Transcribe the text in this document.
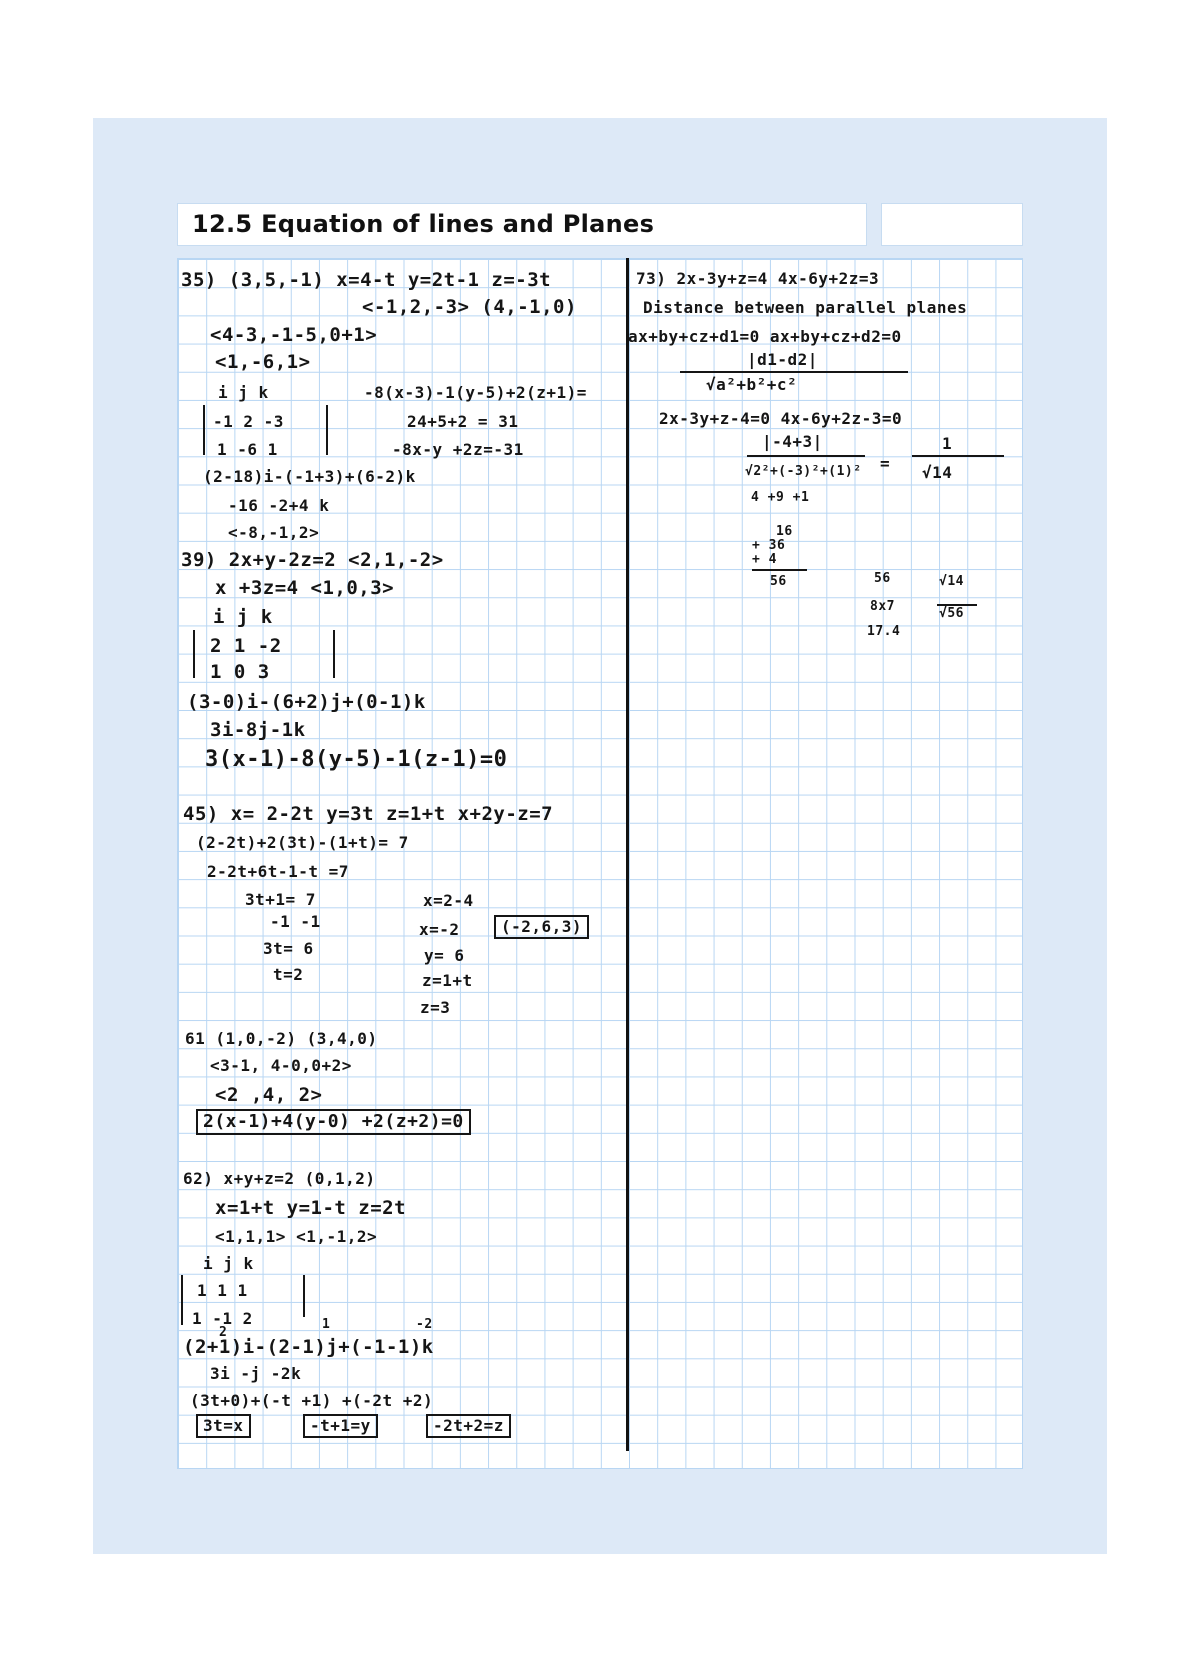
12.5 Equation of lines and Planes
35) (3,5,-1) x=4-t y=2t-1 z=-3t
<-1,2,-3> (4,-1,0)
<4-3,-1-5,0+1>
<1,-6,1>
i j k
-1 2 -3
1 -6 1
-8(x-3)-1(y-5)+2(z+1)=
24+5+2 = 31
-8x-y +2z=-31
(2-18)i-(-1+3)+(6-2)k
-16 -2+4 k
<-8,-1,2>
39) 2x+y-2z=2 <2,1,-2>
x +3z=4 <1,0,3>
i j k
2 1 -2
1 0 3
(3-0)i-(6+2)j+(0-1)k
3i-8j-1k
3(x-1)-8(y-5)-1(z-1)=0
45) x= 2-2t y=3t z=1+t x+2y-z=7
(2-2t)+2(3t)-(1+t)= 7
2-2t+6t-1-t =7
3t+1= 7
-1 -1
3t= 6
t=2
x=2-4
x=-2
y= 6
z=1+t
z=3
(-2,6,3)
61 (1,0,-2) (3,4,0)
<3-1, 4-0,0+2>
<2 ,4, 2>
2(x-1)+4(y-0) +2(z+2)=0
62) x+y+z=2 (0,1,2)
x=1+t y=1-t z=2t
<1,1,1> <1,-1,2>
i j k
1 1 1
1 -1 2
2
1	-2
(2+1)i-(2-1)j+(-1-1)k
3i -j -2k
(3t+0)+(-t +1) +(-2t +2)
3t=x	-t+1=y	-2t+2=z
73) 2x-3y+z=4 4x-6y+2z=3
Distance between parallel planes
ax+by+cz+d1=0 ax+by+cz+d2=0
|d1-d2|
√a²+b²+c²
2x-3y+z-4=0 4x-6y+2z-3=0
|-4+3|
√2²+(-3)²+(1)² =
1
√14
4 +9 +1
16
+ 36
+ 4
56	56
8x7
17.4
√14
√56
